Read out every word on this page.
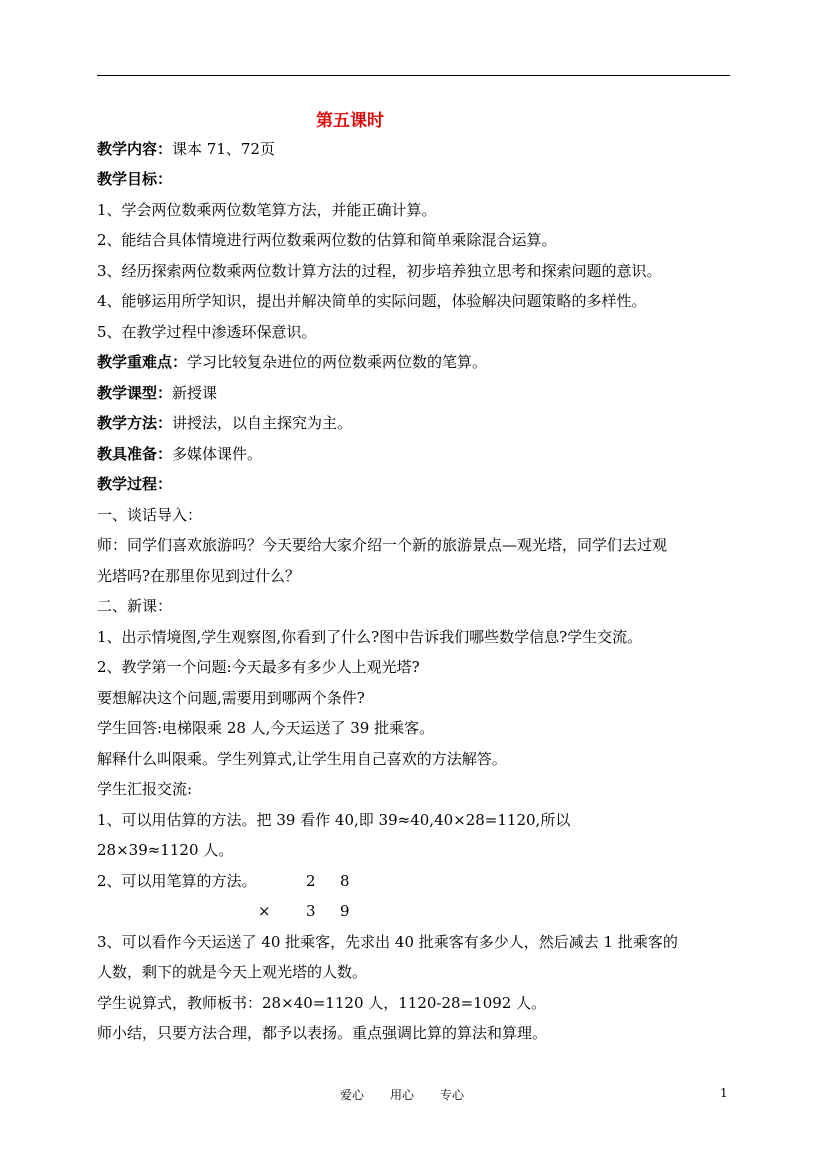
第五课时
教学内容：课本 71、72页
教学目标：
1、学会两位数乘两位数笔算方法，并能正确计算。
2、能结合具体情境进行两位数乘两位数的估算和简单乘除混合运算。
3、经历探索两位数乘两位数计算方法的过程，初步培养独立思考和探索问题的意识。
4、能够运用所学知识，提出并解决简单的实际问题，体验解决问题策略的多样性。
5、在教学过程中渗透环保意识。
教学重难点：学习比较复杂进位的两位数乘两位数的笔算。
教学课型：新授课
教学方法：讲授法，以自主探究为主。
教具准备：多媒体课件。
教学过程：
一、谈话导入：
师：同学们喜欢旅游吗？今天要给大家介绍一个新的旅游景点—观光塔，同学们去过观
光塔吗?在那里你见到过什么？
二、新课：
1、出示情境图,学生观察图,你看到了什么?图中告诉我们哪些数学信息?学生交流。
2、教学第一个问题:今天最多有多少人上观光塔?
要想解决这个问题,需要用到哪两个条件?
学生回答:电梯限乘 28 人,今天运送了 39 批乘客。
解释什么叫限乘。学生列算式,让学生用自己喜欢的方法解答。
学生汇报交流:
1、可以用估算的方法。把 39 看作 40,即 39≈40,40×28=1120,所以
28×39≈1120 人。
2、可以用笔算的方法。	2 8
× 3 9
3、可以看作今天运送了 40 批乘客，先求出 40 批乘客有多少人，然后减去 1 批乘客的
人数，剩下的就是今天上观光塔的人数。
学生说算式，教师板书：28×40=1120 人，1120-28=1092 人。
师小结，只要方法合理，都予以表扬。重点强调比算的算法和算理。
爱心 用心 专心	1
